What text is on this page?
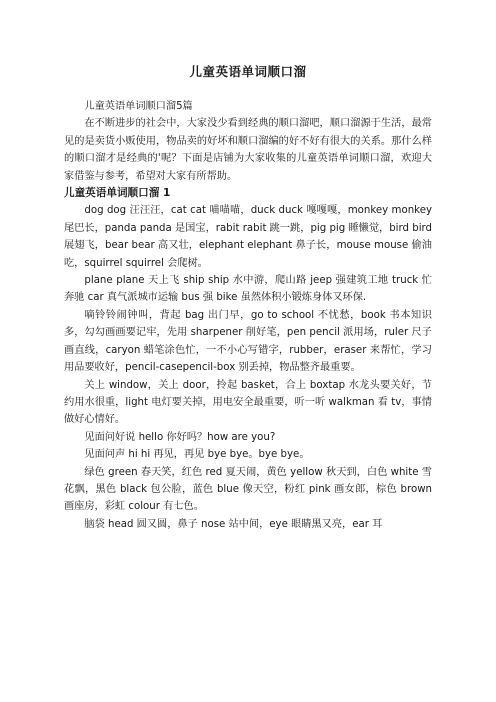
儿童英语单词顺口溜

儿童英语单词顺口溜5篇

在不断进步的社会中，大家没少看到经典的顺口溜吧，顺口溜源于生活，最常见的是卖货小贩使用，物品卖的好坏和顺口溜编的好不好有很大的关系。那什么样的顺口溜才是经典的'呢？下面是店铺为大家收集的儿童英语单词顺口溜，欢迎大家借鉴与参考，希望对大家有所帮助。

儿童英语单词顺口溜 1

dog dog 汪汪汪，cat cat 喵喵喵，duck duck 嘎嘎嘎，monkey monkey 尾巴长，panda panda 是国宝，rabit rabit 跳一跳，pig pig 睡懒觉，bird bird 展翅飞，bear bear 高又壮，elephant elephant 鼻子长，mouse mouse 偷油吃，squirrel squirrel 会爬树。

plane plane 天上飞 ship ship 水中游，爬山路 jeep 强建筑工地 truck 忙奔驰 car 真气派城市运输 bus 强 bike 虽然体积小锻炼身体又环保.

嘀铃铃闹钟叫，背起 bag 出门早，go to school 不忧愁，book 书本知识多，勾勾画画要记牢，先用 sharpener 削好笔，pen pencil 派用场，ruler 尺子画直线，caryon 蜡笔涂色忙，一不小心写错字，rubber，eraser 来帮忙，学习用品要收好，pencil-casepencil-box 别丢掉，物品整齐最重要。

关上 window，关上 door，拎起 basket，合上 boxtap 水龙头要关好，节约用水很重，light 电灯要关掉，用电安全最重要，听一听 walkman 看 tv，事情做好心情好。

见面问好说 hello 你好吗？how are you?

见面问声 hi hi 再见，再见 bye bye。bye bye。

绿色 green 春天笑，红色 red 夏天闹，黄色 yellow 秋天到，白色 white 雪花飘，黑色 black 包公脸，蓝色 blue 像天空，粉红 pink 画女郎，棕色 brown 画座房，彩虹 colour 有七色。

脑袋 head 圆又圆，鼻子 nose 站中间，eye 眼睛黑又亮，ear 耳
